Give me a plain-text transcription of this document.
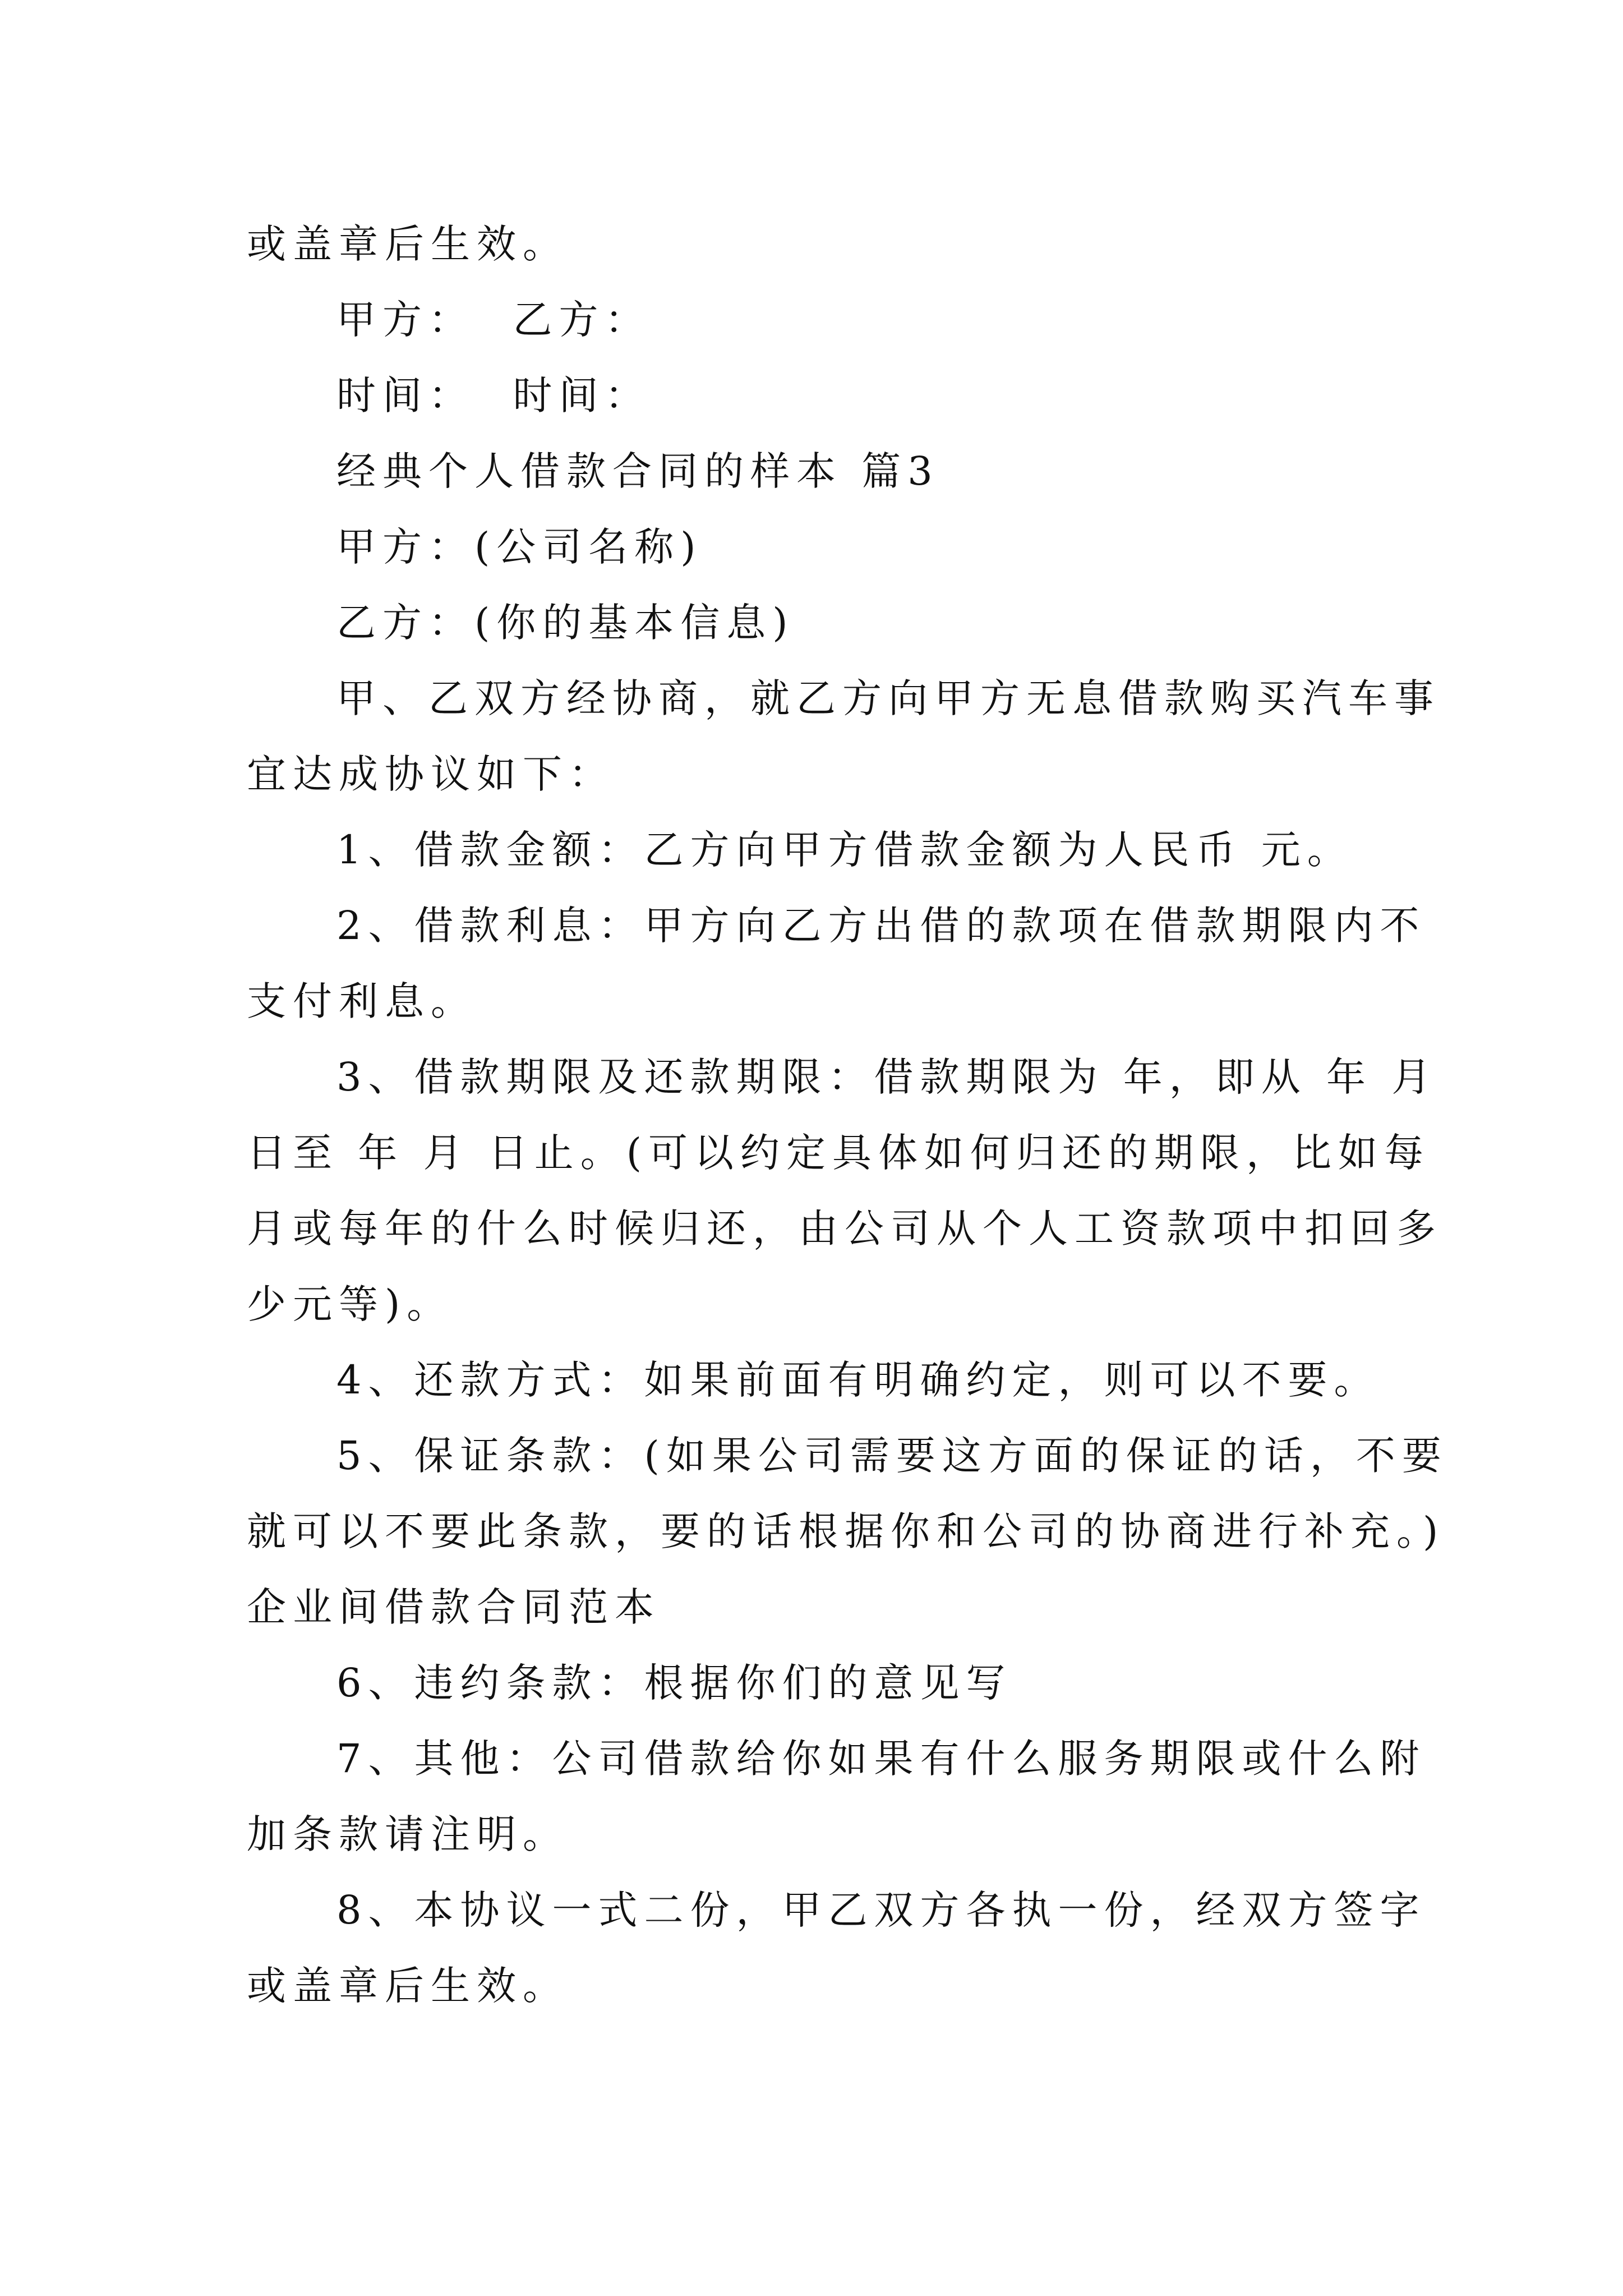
或盖章后生效。
甲方：  乙方：
时间：  时间：
经典个人借款合同的样本 篇3
甲方：(公司名称)
乙方：(你的基本信息)
甲、乙双方经协商，就乙方向甲方无息借款购买汽车事
宜达成协议如下：
1、借款金额：乙方向甲方借款金额为人民币 元。
2、借款利息：甲方向乙方出借的款项在借款期限内不
支付利息。
3、借款期限及还款期限：借款期限为 年，即从 年 月
日至 年 月 日止。(可以约定具体如何归还的期限，比如每
月或每年的什么时候归还，由公司从个人工资款项中扣回多
少元等)。
4、还款方式：如果前面有明确约定，则可以不要。
5、保证条款：(如果公司需要这方面的保证的话，不要
就可以不要此条款，要的话根据你和公司的协商进行补充。)
企业间借款合同范本
6、违约条款：根据你们的意见写
7、其他：公司借款给你如果有什么服务期限或什么附
加条款请注明。
8、本协议一式二份，甲乙双方各执一份，经双方签字
或盖章后生效。
